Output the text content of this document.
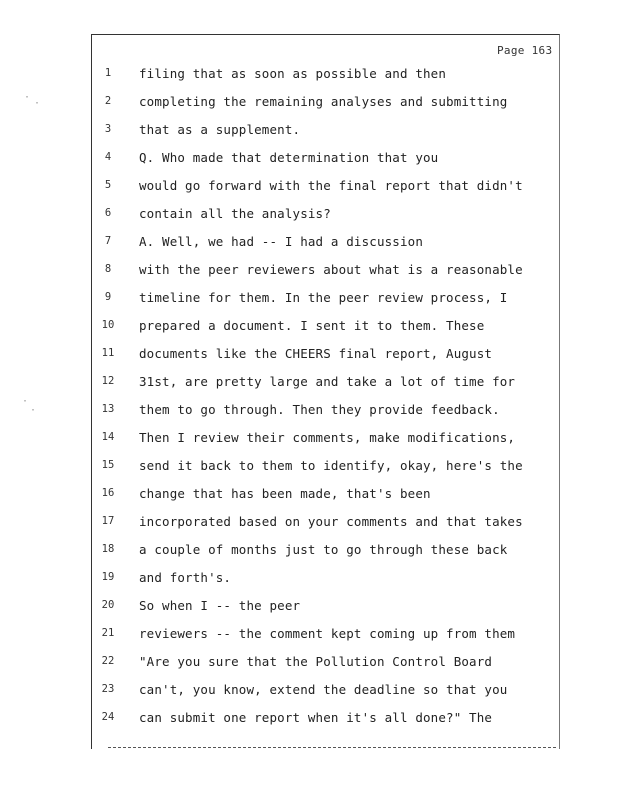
Page 163
1	filing that as soon as possible and then
2	completing the remaining analyses and submitting
3	that as a supplement.
4	Q. Who made that determination that you
5	would go forward with the final report that didn't
6	contain all the analysis?
7	A. Well, we had -- I had a discussion
8	with the peer reviewers about what is a reasonable
9	timeline for them. In the peer review process, I
10 prepared a document. I sent it to them. These
11 documents like the CHEERS final report, August
12 31st, are pretty large and take a lot of time for
13 them to go through. Then they provide feedback.
14 Then I review their comments, make modifications,
15 send it back to them to identify, okay, here's the
16 change that has been made, that's been
17 incorporated based on your comments and that takes
18 a couple of months just to go through these back
19 and forth's.
20 So when I -- the peer
21 reviewers -- the comment kept coming up from them
22 "Are you sure that the Pollution Control Board
23 can't, you know, extend the deadline so that you
24 can submit one report when it's all done?" The
·
·
·
·
